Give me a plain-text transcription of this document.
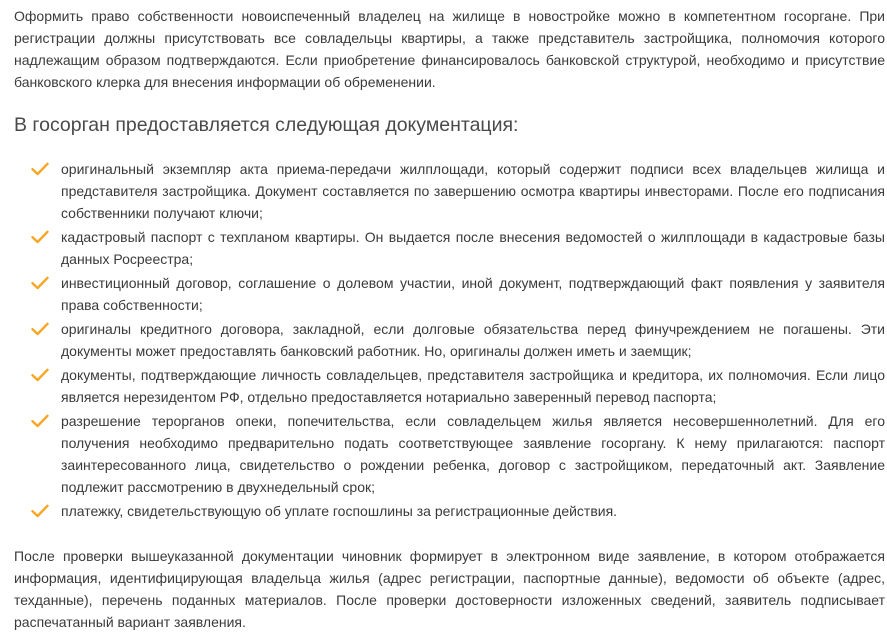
Оформить право собственности новоиспеченный владелец на жилище в новостройке можно в компетентном госоргане. При регистрации должны присутствовать все совладельцы квартиры, а также представитель застройщика, полномочия которого надлежащим образом подтверждаются. Если приобретение финансировалось банковской структурой, необходимо и присутствие банковского клерка для внесения информации об обременении.

В госорган предоставляется следующая документация:
оригинальный экземпляр акта приема-передачи жилплощади, который содержит подписи всех владельцев жилища и представителя застройщика. Документ составляется по завершению осмотра квартиры инвесторами. После его подписания собственники получают ключи;
кадастровый паспорт с техпланом квартиры. Он выдается после внесения ведомостей о жилплощади в кадастровые базы данных Росреестра;
инвестиционный договор, соглашение о долевом участии, иной документ, подтверждающий факт появления у заявителя права собственности;
оригиналы кредитного договора, закладной, если долговые обязательства перед финучреждением не погашены. Эти документы может предоставлять банковский работник. Но, оригиналы должен иметь и заемщик;
документы, подтверждающие личность совладельцев, представителя застройщика и кредитора, их полномочия. Если лицо является нерезидентом РФ, отдельно предоставляется нотариально заверенный перевод паспорта;
разрешение терорганов опеки, попечительства, если совладельцем жилья является несовершеннолетний. Для его получения необходимо предварительно подать соответствующее заявление госоргану. К нему прилагаются: паспорт заинтересованного лица, свидетельство о рождении ребенка, договор с застройщиком, передаточный акт. Заявление подлежит рассмотрению в двухнедельный срок;
платежку, свидетельствующую об уплате госпошлины за регистрационные действия.

После проверки вышеуказанной документации чиновник формирует в электронном виде заявление, в котором отображается информация, идентифицирующая владельца жилья (адрес регистрации, паспортные данные), ведомости об объекте (адрес, техданные), перечень поданных материалов. После проверки достоверности изложенных сведений, заявитель подписывает распечатанный вариант заявления.
